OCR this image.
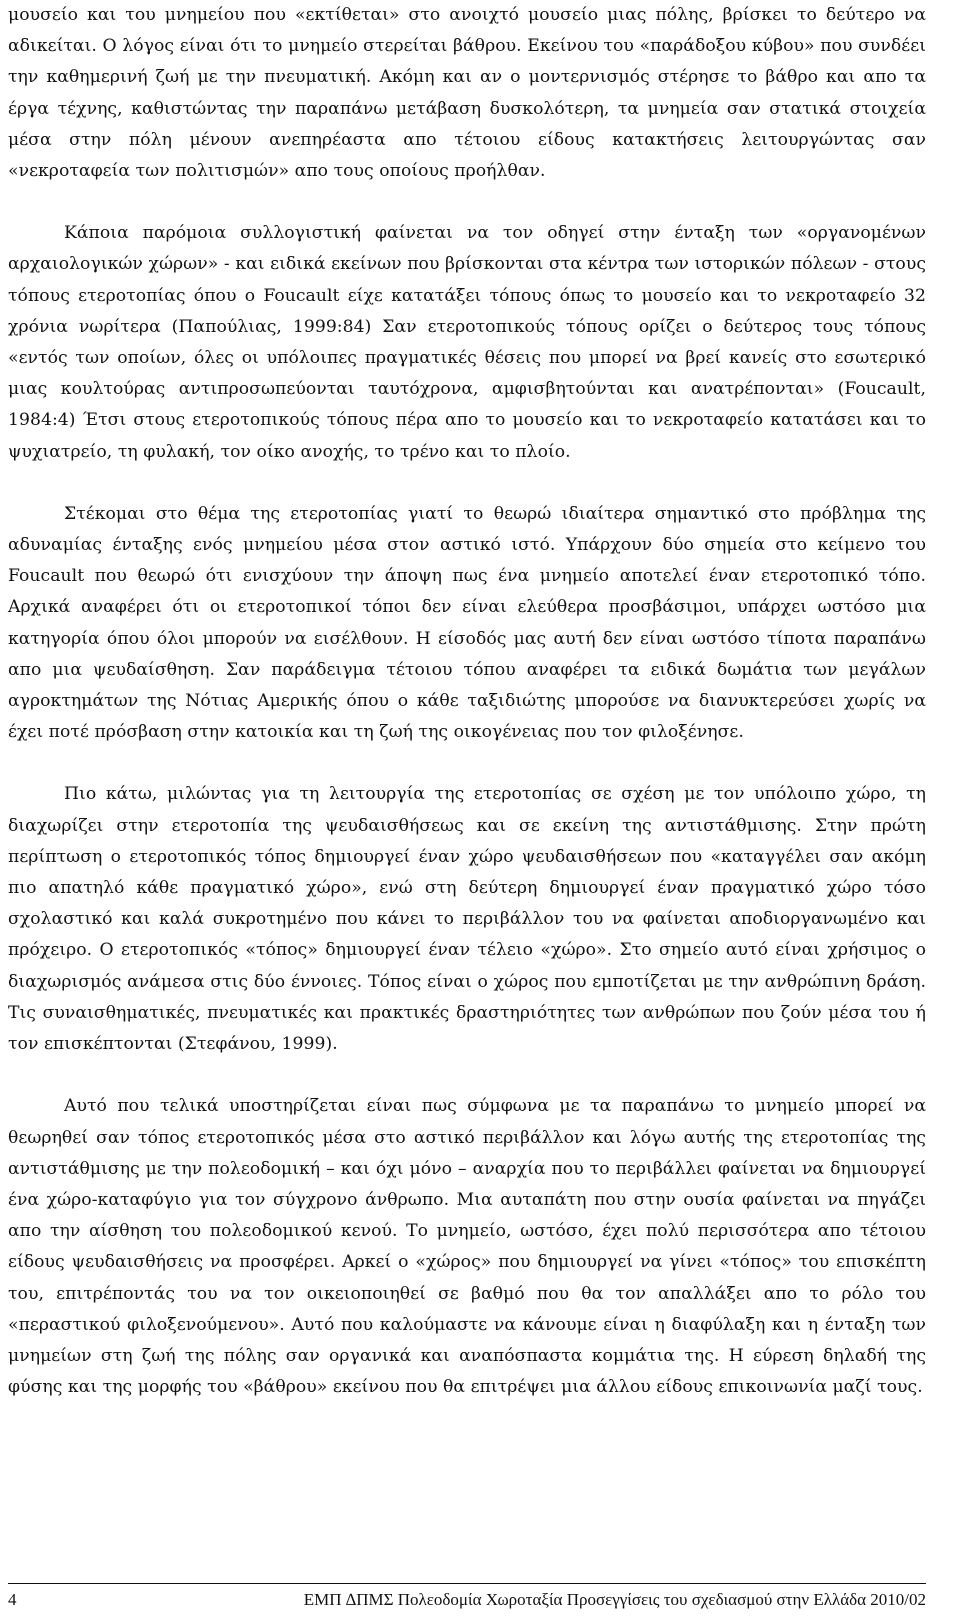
μουσείο και του μνημείου που «εκτίθεται» στο ανοιχτό μουσείο μιας πόλης, βρίσκει το δεύτερο να αδικείται. Ο λόγος είναι ότι το μνημείο στερείται βάθρου. Εκείνου του «παράδοξου κύβου» που συνδέει την καθημερινή ζωή με την πνευματική. Ακόμη και αν ο μοντερνισμός στέρησε το βάθρο και απο τα έργα τέχνης, καθιστώντας την παραπάνω μετάβαση δυσκολότερη, τα μνημεία σαν στατικά στοιχεία μέσα στην πόλη μένουν ανεπηρέαστα απο τέτοιου είδους κατακτήσεις λειτουργώντας σαν «νεκροταφεία των πολιτισμών» απο τους οποίους προήλθαν.

Κάποια παρόμοια συλλογιστική φαίνεται να τον οδηγεί στην ένταξη των «οργανομένων αρχαιολογικών χώρων» - και ειδικά εκείνων που βρίσκονται στα κέντρα των ιστορικών πόλεων - στους τόπους ετεροτοπίας όπου ο Foucault είχε κατατάξει τόπους όπως το μουσείο και το νεκροταφείο 32 χρόνια νωρίτερα (Παπούλιας, 1999:84) Σαν ετεροτοπικούς τόπους ορίζει ο δεύτερος τους τόπους «εντός των οποίων, όλες οι υπόλοιπες πραγματικές θέσεις που μπορεί να βρεί κανείς στο εσωτερικό μιας κουλτούρας αντιπροσωπεύονται ταυτόχρονα, αμφισβητούνται και ανατρέπονται» (Foucault, 1984:4) Έτσι στους ετεροτοπικούς τόπους πέρα απο το μουσείο και το νεκροταφείο κατατάσει και το ψυχιατρείο, τη φυλακή, τον οίκο ανοχής, το τρένο και το πλοίο.

Στέκομαι στο θέμα της ετεροτοπίας γιατί το θεωρώ ιδιαίτερα σημαντικό στο πρόβλημα της αδυναμίας ένταξης ενός μνημείου μέσα στον αστικό ιστό. Υπάρχουν δύο σημεία στο κείμενο του Foucault που θεωρώ ότι ενισχύουν την άποψη πως ένα μνημείο αποτελεί έναν ετεροτοπικό τόπο. Αρχικά αναφέρει ότι οι ετεροτοπικοί τόποι δεν είναι ελεύθερα προσβάσιμοι, υπάρχει ωστόσο μια κατηγορία όπου όλοι μπορούν να εισέλθουν. Η είσοδός μας αυτή δεν είναι ωστόσο τίποτα παραπάνω απο μια ψευδαίσθηση. Σαν παράδειγμα τέτοιου τόπου αναφέρει τα ειδικά δωμάτια των μεγάλων αγροκτημάτων της Νότιας Αμερικής όπου ο κάθε ταξιδιώτης μπορούσε να διανυκτερεύσει χωρίς να έχει ποτέ πρόσβαση στην κατοικία και τη ζωή της οικογένειας που τον φιλοξένησε.

Πιο κάτω, μιλώντας για τη λειτουργία της ετεροτοπίας σε σχέση με τον υπόλοιπο χώρο, τη διαχωρίζει στην ετεροτοπία της ψευδαισθήσεως και σε εκείνη της αντιστάθμισης. Στην πρώτη περίπτωση ο ετεροτοπικός τόπος δημιουργεί έναν χώρο ψευδαισθήσεων που «καταγγέλει σαν ακόμη πιο απατηλό κάθε πραγματικό χώρο», ενώ στη δεύτερη δημιουργεί έναν πραγματικό χώρο τόσο σχολαστικό και καλά συκροτημένο που κάνει το περιβάλλον του να φαίνεται αποδιοργανωμένο και πρόχειρο. Ο ετεροτοπικός «τόπος» δημιουργεί έναν τέλειο «χώρο». Στο σημείο αυτό είναι χρήσιμος ο διαχωρισμός ανάμεσα στις δύο έννοιες. Τόπος είναι ο χώρος που εμποτίζεται με την ανθρώπινη δράση. Τις συναισθηματικές, πνευματικές και πρακτικές δραστηριότητες των ανθρώπων που ζούν μέσα του ή τον επισκέπτονται (Στεφάνου, 1999).

Αυτό που τελικά υποστηρίζεται είναι πως σύμφωνα με τα παραπάνω το μνημείο μπορεί να θεωρηθεί σαν τόπος ετεροτοπικός μέσα στο αστικό περιβάλλον και λόγω αυτής της ετεροτοπίας της αντιστάθμισης με την πολεοδομική – και όχι μόνο – αναρχία που το περιβάλλει φαίνεται να δημιουργεί ένα χώρο-καταφύγιο για τον σύγχρονο άνθρωπο. Μια αυταπάτη που στην ουσία φαίνεται να πηγάζει απο την αίσθηση του πολεοδομικού κενού. Το μνημείο, ωστόσο, έχει πολύ περισσότερα απο τέτοιου είδους ψευδαισθήσεις να προσφέρει. Αρκεί ο «χώρος» που δημιουργεί να γίνει «τόπος» του επισκέπτη του, επιτρέποντάς του να τον οικειοποιηθεί σε βαθμό που θα τον απαλλάξει απο το ρόλο του «περαστικού φιλοξενούμενου». Αυτό που καλούμαστε να κάνουμε είναι η διαφύλαξη και η ένταξη των μνημείων στη ζωή της πόλης σαν οργανικά και αναπόσπαστα κομμάτια της. Η εύρεση δηλαδή της φύσης και της μορφής του «βάθρου» εκείνου που θα επιτρέψει μια άλλου είδους επικοινωνία μαζί τους.

4	ΕΜΠ ∆ΠΜΣ Πολεοδομία Χωροταξία Προσεγγίσεις του σχεδιασμού στην Ελλάδα 2010/02
